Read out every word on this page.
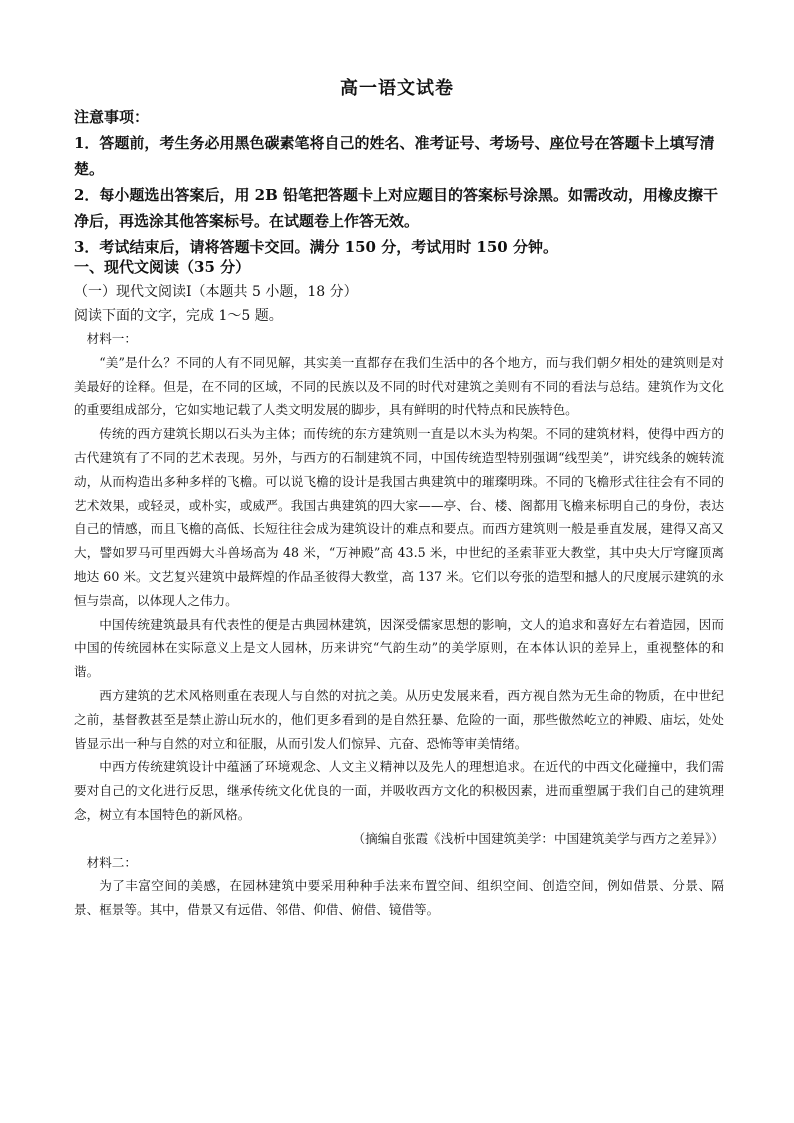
高一语文试卷

注意事项：

1．答题前，考生务必用黑色碳素笔将自己的姓名、准考证号、考场号、座位号在答题卡上填写清楚。

2．每小题选出答案后，用 2B 铅笔把答题卡上对应题目的答案标号涂黑。如需改动，用橡皮擦干净后，再选涂其他答案标号。在试题卷上作答无效。

3．考试结束后，请将答题卡交回。满分 150 分，考试用时 150 分钟。

一、现代文阅读（35 分）
（一）现代文阅读Ⅰ（本题共 5 小题，18 分）
阅读下面的文字，完成 1～5 题。

材料一：

“美”是什么？不同的人有不同见解，其实美一直都存在我们生活中的各个地方，而与我们朝夕相处的建筑则是对美最好的诠释。但是，在不同的区域，不同的民族以及不同的时代对建筑之美则有不同的看法与总结。建筑作为文化的重要组成部分，它如实地记载了人类文明发展的脚步，具有鲜明的时代特点和民族特色。

传统的西方建筑长期以石头为主体；而传统的东方建筑则一直是以木头为构架。不同的建筑材料，使得中西方的古代建筑有了不同的艺术表现。另外，与西方的石制建筑不同，中国传统造型特别强调“线型美”，讲究线条的婉转流动，从而构造出多种多样的飞檐。可以说飞檐的设计是我国古典建筑中的璀璨明珠。不同的飞檐形式往往会有不同的艺术效果，或轻灵，或朴实，或威严。我国古典建筑的四大家——亭、台、楼、阁都用飞檐来标明自己的身份，表达自己的情感，而且飞檐的高低、长短往往会成为建筑设计的难点和要点。而西方建筑则一般是垂直发展，建得又高又大，譬如罗马可里西姆大斗兽场高为 48 米，“万神殿”高 43.5 米，中世纪的圣索菲亚大教堂，其中央大厅穹窿顶离地达 60 米。文艺复兴建筑中最辉煌的作品圣彼得大教堂，高 137 米。它们以夸张的造型和撼人的尺度展示建筑的永恒与崇高，以体现人之伟力。

中国传统建筑最具有代表性的便是古典园林建筑，因深受儒家思想的影响，文人的追求和喜好左右着造园，因而中国的传统园林在实际意义上是文人园林，历来讲究“气韵生动”的美学原则，在本体认识的差异上，重视整体的和谐。

西方建筑的艺术风格则重在表现人与自然的对抗之美。从历史发展来看，西方视自然为无生命的物质，在中世纪之前，基督教甚至是禁止游山玩水的，他们更多看到的是自然狂暴、危险的一面，那些傲然屹立的神殿、庙坛，处处皆显示出一种与自然的对立和征服，从而引发人们惊异、亢奋、恐怖等审美情绪。

中西方传统建筑设计中蕴涵了环境观念、人文主义精神以及先人的理想追求。在近代的中西文化碰撞中，我们需要对自己的文化进行反思，继承传统文化优良的一面，并吸收西方文化的积极因素，进而重塑属于我们自己的建筑理念，树立有本国特色的新风格。

（摘编自张霞《浅析中国建筑美学：中国建筑美学与西方之差异》）

材料二：

为了丰富空间的美感，在园林建筑中要采用种种手法来布置空间、组织空间、创造空间，例如借景、分景、隔景、框景等。其中，借景又有远借、邻借、仰借、俯借、镜借等。
